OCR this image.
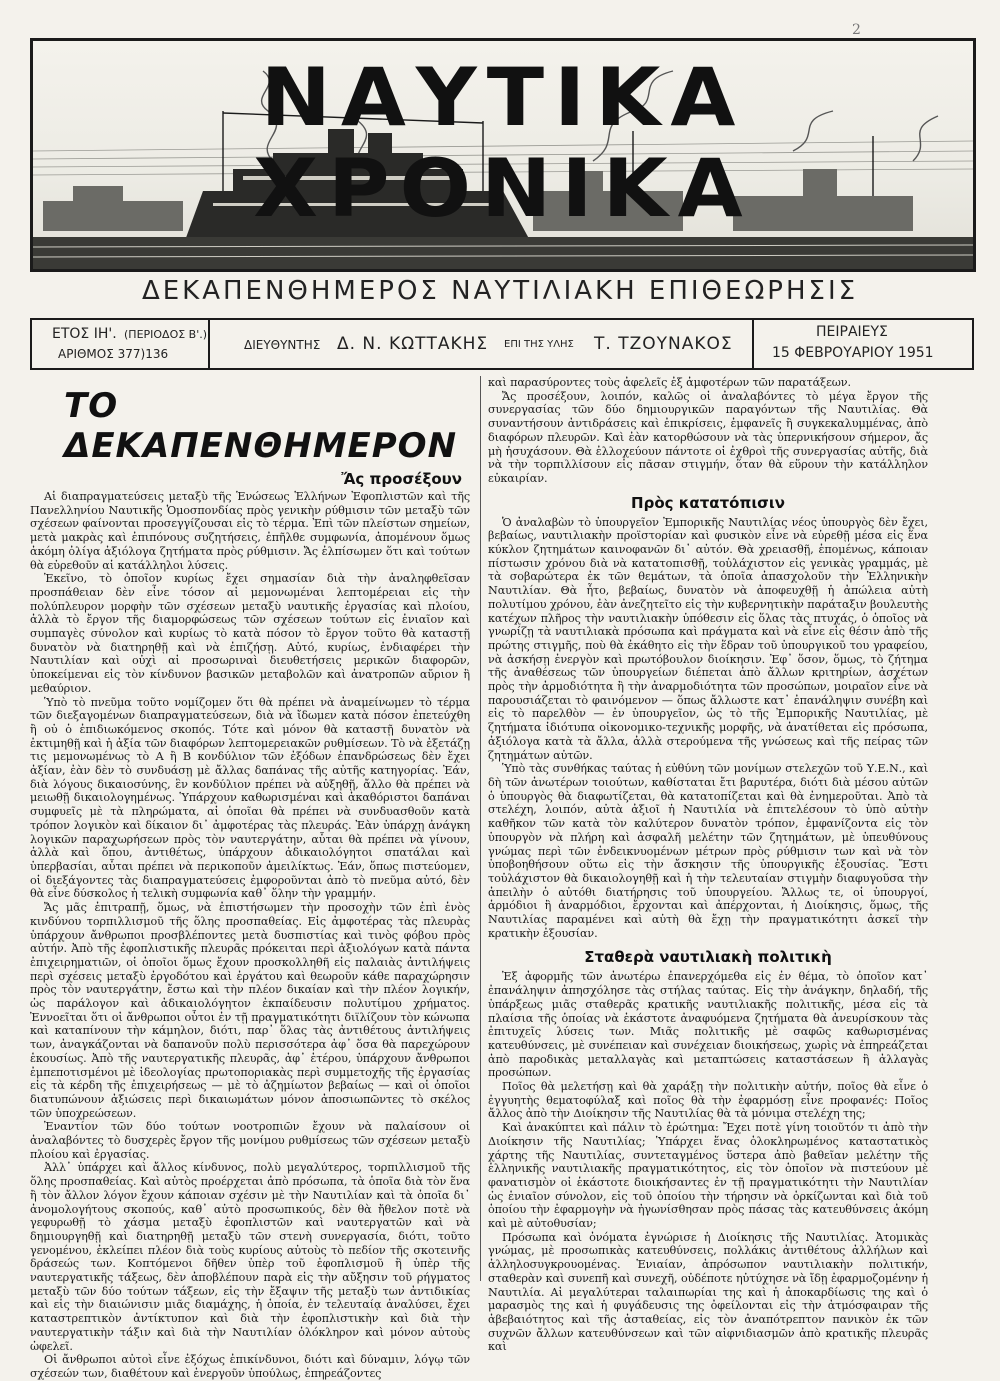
2
ΝΑΥΤΙΚΑ ΧΡΟΝΙΚΑ
ΔΕΚΑΠΕΝΘΗΜΕΡΟΣ ΝΑΥΤΙΛΙΑΚΗ ΕΠΙΘΕΩΡΗΣΙΣ
ΕΤΟΣ ΙΗ'. (ΠΕΡΙΟΔΟΣ Β'.)
ΑΡΙΘΜΟΣ 377)136
ΔΙΕΥΘΥΝΤΗΣ Δ. Ν. ΚΩΤΤΑΚΗΣ ΕΠΙ ΤΗΣ ΥΛΗΣ Τ. ΤΖΟΥΝΑΚΟΣ
ΠΕΙΡΑΙΕΥΣ
15 ΦΕΒΡΟΥΑΡΙΟΥ 1951
ΤΟ ΔΕΚΑΠΕΝΘΗΜΕΡΟΝ
Ἄς προσέξουν

Αἱ διαπραγματεύσεις μεταξὺ τῆς Ἑνώσεως Ἑλλήνων Ἐφοπλιστῶν καὶ τῆς Πανελληνίου Ναυτικῆς Ὁμοσπονδίας πρὸς γενικὴν ρύθμισιν τῶν μεταξὺ τῶν σχέσεων φαίνονται προσεγγίζουσαι εἰς τὸ τέρμα. Ἐπὶ τῶν πλείστων σημείων, μετὰ μακρὰς καὶ ἐπιπόνους συζητήσεις, ἐπῆλθε συμφωνία, ἀπομένουν ὅμως ἀκόμη ὀλίγα ἀξιόλογα ζητήματα πρὸς ρύθμισιν. Ἄς ἐλπίσωμεν ὅτι καὶ τούτων θὰ εὑρεθοῦν αἱ κατάλληλοι λύσεις.

Ἐκεῖνο, τὸ ὁποῖον κυρίως ἔχει σημασίαν διὰ τὴν ἀναληφθεῖσαν προσπάθειαν δὲν εἶνε τόσον αἱ μεμονωμέναι λεπτομέρειαι εἰς τὴν πολύπλευρον μορφὴν τῶν σχέσεων μεταξὺ ναυτικῆς ἐργασίας καὶ πλοίου, ἀλλὰ τὸ ἔργον τῆς διαμορφώσεως τῶν σχέσεων τούτων εἰς ἑνιαῖον καὶ συμπαγὲς σύνολον καὶ κυρίως τὸ κατὰ πόσον τὸ ἔργον τοῦτο θὰ καταστῇ δυνατὸν νὰ διατηρηθῇ καὶ νὰ ἐπιζήσῃ. Αὐτό, κυρίως, ἐνδιαφέρει τὴν Ναυτιλίαν καὶ οὐχὶ αἱ προσωριναὶ διευθετήσεις μερικῶν διαφορῶν, ὑποκείμεναι εἰς τὸν κίνδυνον βασικῶν μεταβολῶν καὶ ἀνατροπῶν αὔριον ἢ μεθαύριον.

Ὑπὸ τὸ πνεῦμα τοῦτο νομίζομεν ὅτι θὰ πρέπει νὰ ἀναμείνωμεν τὸ τέρμα τῶν διεξαγομένων διαπραγματεύσεων, διὰ νὰ ἴδωμεν κατὰ πόσον ἐπετεύχθη ἢ οὐ ὁ ἐπιδιωκόμενος σκοπός. Τότε καὶ μόνον θὰ καταστῇ δυνατὸν νὰ ἐκτιμηθῇ καὶ ἡ ἀξία τῶν διαφόρων λεπτομερειακῶν ρυθμίσεων. Τὸ νὰ ἐξετάζῃ τις μεμονωμένως τὸ Α ἢ Β κονδύλιον τῶν ἐξόδων ἐπανδρώσεως δὲν ἔχει ἀξίαν, ἐὰν δὲν τὸ συνδυάσῃ μὲ ἄλλας δαπάνας τῆς αὐτῆς κατηγορίας. Ἐάν, διὰ λόγους δικαιοσύνης, ἓν κονδύλιον πρέπει νὰ αὐξηθῇ, ἄλλο θὰ πρέπει νὰ μειωθῇ δικαιολογημένως. Ὑπάρχουν καθωρισμέναι καὶ ἀκαθόριστοι δαπάναι συμφυεῖς μὲ τὰ πληρώματα, αἱ ὁποῖαι θὰ πρέπει νὰ συνδυασθοῦν κατὰ τρόπον λογικὸν καὶ δίκαιον δι᾽ ἀμφοτέρας τὰς πλευράς. Ἐὰν ὑπάρχῃ ἀνάγκη λογικῶν παραχωρήσεων πρὸς τὸν ναυτεργάτην, αὗται θὰ πρέπει νὰ γίνουν, ἀλλὰ καὶ ὅπου, ἀντιθέτως, ὑπάρχουν ἀδικαιολόγητοι σπατάλαι καὶ ὑπερβασίαι, αὗται πρέπει νὰ περικοποῦν ἀμειλίκτως. Ἐάν, ὅπως πιστεύομεν, οἱ διεξάγοντες τὰς διαπραγματεύσεις ἐμφοροῦνται ἀπὸ τὸ πνεῦμα αὐτό, δὲν θὰ εἶνε δύσκολος ἡ τελικὴ συμφωνία καθ᾽ ὅλην τὴν γραμμήν.

Ἄς μᾶς ἐπιτραπῇ, ὅμως, νὰ ἐπιστήσωμεν τὴν προσοχὴν τῶν ἐπὶ ἑνὸς κινδύνου τορπιλλισμοῦ τῆς ὅλης προσπαθείας. Εἰς ἀμφοτέρας τὰς πλευρὰς ὑπάρχουν ἄνθρωποι προσβλέποντες μετὰ δυσπιστίας καὶ τινὸς φόβου πρὸς αὐτήν. Ἀπὸ τῆς ἐφοπλιστικῆς πλευρᾶς πρόκειται περὶ ἀξιολόγων κατὰ πάντα ἐπιχειρηματιῶν, οἱ ὁποῖοι ὅμως ἔχουν προσκολληθῆ εἰς παλαιὰς ἀντιλήψεις περὶ σχέσεις μεταξὺ ἐργοδότου καὶ ἐργάτου καὶ θεωροῦν κάθε παραχώρησιν πρὸς τὸν ναυτεργάτην, ἔστω καὶ τὴν πλέον δικαίαν καὶ τὴν πλέον λογικήν, ὡς παράλογον καὶ ἀδικαιολόγητον ἐκπαίδευσιν πολυτίμου χρήματος. Ἐννοεῖται ὅτι οἱ ἄνθρωποι οὗτοι ἐν τῇ πραγματικότητι διϊλίζουν τὸν κώνωπα καὶ καταπίνουν τὴν κάμηλον, διότι, παρ᾽ ὅλας τὰς ἀντιθέτους ἀντιλήψεις των, ἀναγκάζονται νὰ δαπανοῦν πολὺ περισσότερα ἀφ᾽ ὅσα θὰ παρεχώρουν ἑκουσίως. Ἀπὸ τῆς ναυτεργατικῆς πλευρᾶς, ἀφ᾽ ἑτέρου, ὑπάρχουν ἄνθρωποι ἐμπεποτισμένοι μὲ ἰδεολογίας πρωτοποριακὰς περὶ συμμετοχῆς τῆς ἐργασίας εἰς τὰ κέρδη τῆς ἐπιχειρήσεως — μὲ τὸ ἀζημίωτον βεβαίως — καὶ οἱ ὁποῖοι διατυπώνουν ἀξιώσεις περὶ δικαιωμάτων μόνον ἀποσιωπῶντες τὸ σκέλος τῶν ὑποχρεώσεων.

Ἐναντίον τῶν δύο τούτων νοοτροπιῶν ἔχουν νὰ παλαίσουν οἱ ἀναλαβόντες τὸ δυσχερὲς ἔργον τῆς μονίμου ρυθμίσεως τῶν σχέσεων μεταξὺ πλοίου καὶ ἐργασίας.

Ἀλλ᾽ ὑπάρχει καὶ ἄλλος κίνδυνος, πολὺ μεγαλύτερος, τορπιλλισμοῦ τῆς ὅλης προσπαθείας. Καὶ αὐτὸς προέρχεται ἀπὸ πρόσωπα, τὰ ὁποῖα διὰ τὸν ἕνα ἢ τὸν ἄλλον λόγον ἔχουν κάποιαν σχέσιν μὲ τὴν Ναυτιλίαν καὶ τὰ ὁποῖα δι᾽ ἀνομολογήτους σκοπούς, καθ᾽ αὐτὸ προσωπικούς, δὲν θὰ ἤθελον ποτὲ νὰ γεφυρωθῇ τὸ χάσμα μεταξὺ ἐφοπλιστῶν καὶ ναυτεργατῶν καὶ νὰ δημιουργηθῇ καὶ διατηρηθῇ μεταξὺ τῶν στενὴ συνεργασία, διότι, τοῦτο γενομένου, ἐκλείπει πλέον διὰ τοὺς κυρίους αὐτοὺς τὸ πεδίον τῆς σκοτεινῆς δράσεώς των. Κοπτόμενοι δῆθεν ὑπὲρ τοῦ ἐφοπλισμοῦ ἢ ὑπὲρ τῆς ναυτεργατικῆς τάξεως, δὲν ἀποβλέπουν παρὰ εἰς τὴν αὔξησιν τοῦ ρήγματος μεταξὺ τῶν δύο τούτων τάξεων, εἰς τὴν ἔξαψιν τῆς μεταξὺ των ἀντιδικίας καὶ εἰς τὴν διαιώνισιν μιᾶς διαμάχης, ἡ ὁποία, ἐν τελευταίᾳ ἀναλύσει, ἔχει καταστρεπτικὸν ἀντίκτυπον καὶ διὰ τὴν ἐφοπλιστικὴν καὶ διὰ τὴν ναυτεργατικὴν τάξιν καὶ διὰ τὴν Ναυτιλίαν ὁλόκληρον καὶ μόνον αὐτοὺς ὠφελεῖ.

Οἱ ἄνθρωποι αὐτοὶ εἶνε ἐξόχως ἐπικίνδυνοι, διότι καὶ δύναμιν, λόγῳ τῶν σχέσεών των, διαθέτουν καὶ ἐνεργοῦν ὑπούλως, ἐπηρεάζοντες

καὶ παρασύροντες τοὺς ἀφελεῖς ἐξ ἀμφοτέρων τῶν παρατάξεων.

Ἄς προσέξουν, λοιπόν, καλῶς οἱ ἀναλαβόντες τὸ μέγα ἔργον τῆς συνεργασίας τῶν δύο δημιουργικῶν παραγόντων τῆς Ναυτιλίας. Θὰ συναντήσουν ἀντιδράσεις καὶ ἐπικρίσεις, ἐμφανεῖς ἢ συγκεκαλυμμένας, ἀπὸ διαφόρων πλευρῶν. Καὶ ἐὰν κατορθώσουν νὰ τὰς ὑπερνικήσουν σήμερον, ἄς μὴ ἡσυχάσουν. Θὰ ἐλλοχεύουν πάντοτε οἱ ἐχθροὶ τῆς συνεργασίας αὐτῆς, διὰ νὰ τὴν τορπιλλίσουν εἰς πᾶσαν στιγμήν, ὅταν θὰ εὕρουν τὴν κατάλληλον εὐκαιρίαν.

Πρὸς κατατόπισιν

Ὁ ἀναλαβὼν τὸ ὑπουργεῖον Ἐμπορικῆς Ναυτιλίας νέος ὑπουργὸς δὲν ἔχει, βεβαίως, ναυτιλιακὴν προϊστορίαν καὶ φυσικὸν εἶνε νὰ εὑρεθῇ μέσα εἰς ἕνα κύκλον ζητημάτων καινοφανῶν δι᾽ αὐτόν. Θὰ χρειασθῇ, ἑπομένως, κάποιαν πίστωσιν χρόνου διὰ νὰ κατατοπισθῇ, τοὐλάχιστον εἰς γενικὰς γραμμάς, μὲ τὰ σοβαρώτερα ἐκ τῶν θεμάτων, τὰ ὁποῖα ἀπασχολοῦν τὴν Ἑλληνικὴν Ναυτιλίαν. Θὰ ἦτο, βεβαίως, δυνατὸν νὰ ἀποφευχθῇ ἡ ἀπώλεια αὐτὴ πολυτίμου χρόνου, ἐὰν ἀνεζητεῖτο εἰς τὴν κυβερνητικὴν παράταξιν βουλευτὴς κατέχων πλῆρος τὴν ναυτιλιακὴν ὑπόθεσιν εἰς ὅλας τὰς πτυχάς, ὁ ὁποῖος νὰ γνωρίζῃ τὰ ναυτιλιακὰ πρόσωπα καὶ πράγματα καὶ νὰ εἶνε εἰς θέσιν ἀπὸ τῆς πρώτης στιγμῆς, ποὺ θὰ ἐκάθητο εἰς τὴν ἕδραν τοῦ ὑπουργικοῦ του γραφείου, νὰ ἀσκήσῃ ἐνεργὸν καὶ πρωτόβουλον διοίκησιν. Ἐφ᾽ ὅσον, ὅμως, τὸ ζήτημα τῆς ἀναθέσεως τῶν ὑπουργείων διέπεται ἀπὸ ἄλλων κριτηρίων, ἀσχέτων πρὸς τὴν ἁρμοδιότητα ἢ τὴν ἀναρμοδιότητα τῶν προσώπων, μοιραῖον εἶνε νὰ παρουσιάζεται τὸ φαινόμενον — ὅπως ἄλλωστε κατ᾽ ἐπανάληψιν συνέβη καὶ εἰς τὸ παρελθὸν — ἐν ὑπουργεῖον, ὡς τὸ τῆς Ἐμπορικῆς Ναυτιλίας, μὲ ζητήματα ἰδιότυπα οἰκονομικο-τεχνικῆς μορφῆς, νὰ ἀνατίθεται εἰς πρόσωπα, ἀξιόλογα κατὰ τὰ ἄλλα, ἀλλὰ στερούμενα τῆς γνώσεως καὶ τῆς πείρας τῶν ζητημάτων αὐτῶν.

Ὑπὸ τὰς συνθήκας ταύτας ἡ εὐθύνη τῶν μονίμων στελεχῶν τοῦ Υ.Ε.Ν., καὶ δὴ τῶν ἀνωτέρων τοιούτων, καθίσταται ἔτι βαρυτέρα, διότι διὰ μέσου αὐτῶν ὁ ὑπουργὸς θὰ διαφωτίζεται, θὰ κατατοπίζεται καὶ θὰ ἐνημεροῦται. Ἀπὸ τὰ στελέχη, λοιπόν, αὐτὰ ἀξιοῖ ἡ Ναυτιλία νὰ ἐπιτελέσουν τὸ ὑπὸ αὐτὴν καθῆκον τῶν κατὰ τὸν καλύτερον δυνατὸν τρόπον, ἐμφανίζοντα εἰς τὸν ὑπουργὸν νὰ πλήρη καὶ ἀσφαλῆ μελέτην τῶν ζητημάτων, μὲ ὑπευθύνους γνώμας περὶ τῶν ἐνδεικνυομένων μέτρων πρὸς ρύθμισιν των καὶ νὰ τὸν ὑποβοηθήσουν οὕτω εἰς τὴν ἄσκησιν τῆς ὑπουργικῆς ἐξουσίας. Ἔστι τοὐλάχιστον θὰ δικαιολογηθῇ καὶ ἡ τὴν τελευταίαν στιγμὴν διαφυγοῦσα τὴν ἀπειλὴν ὁ αὐτόθι διατήρησις τοῦ ὑπουργείου. Ἄλλως τε, οἱ ὑπουργοί, ἁρμόδιοι ἢ ἀναρμόδιοι, ἔρχονται καὶ ἀπέρχονται, ἡ Διοίκησις, ὅμως, τῆς Ναυτιλίας παραμένει καὶ αὐτὴ θὰ ἔχῃ τὴν πραγματικότητι ἀσκεῖ τὴν κρατικὴν ἐξουσίαν.

Σταθερὰ ναυτιλιακὴ πολιτικὴ

Ἐξ ἀφορμῆς τῶν ἀνωτέρω ἐπανερχόμεθα εἰς ἐν θέμα, τὸ ὁποῖον κατ᾽ ἐπανάληψιν ἀπησχόλησε τὰς στήλας ταύτας. Εἰς τὴν ἀνάγκην, δηλαδή, τῆς ὑπάρξεως μιᾶς σταθερᾶς κρατικῆς ναυτιλιακῆς πολιτικῆς, μέσα εἰς τὰ πλαίσια τῆς ὁποίας νὰ ἑκάστοτε ἀναφυόμενα ζητήματα θὰ ἀνευρίσκουν τὰς ἐπιτυχεῖς λύσεις των. Μιᾶς πολιτικῆς μὲ σαφῶς καθωρισμένας κατευθύνσεις, μὲ συνέπειαν καὶ συνέχειαν διοικήσεως, χωρὶς νὰ ἐπηρεάζεται ἀπὸ παροδικὰς μεταλλαγὰς καὶ μεταπτώσεις καταστάσεων ἢ ἀλλαγὰς προσώπων.

Ποῖος θὰ μελετήσῃ καὶ θὰ χαράξῃ τὴν πολιτικὴν αὐτήν, ποῖος θὰ εἶνε ὁ ἐγγυητὴς θεματοφύλαξ καὶ ποῖος θὰ τὴν ἐφαρμόσῃ εἶνε προφανές: Ποῖος ἄλλος ἀπὸ τὴν Διοίκησιν τῆς Ναυτιλίας θὰ τὰ μόνιμα στελέχη της;

Καὶ ἀνακύπτει καὶ πάλιν τὸ ἐρώτημα: Ἔχει ποτὲ γίνη τοιοῦτόν τι ἀπὸ τὴν Διοίκησιν τῆς Ναυτιλίας; Ὑπάρχει ἕνας ὁλοκληρωμένος καταστατικὸς χάρτης τῆς Ναυτιλίας, συντεταγμένος ὕστερα ἀπὸ βαθεῖαν μελέτην τῆς ἑλληνικῆς ναυτιλιακῆς πραγματικότητος, εἰς τὸν ὁποῖον νὰ πιστεύουν μὲ φανατισμὸν οἱ ἑκάστοτε διοικήσαντες ἐν τῇ πραγματικότητι τὴν Ναυτιλίαν ὡς ἑνιαῖον σύνολον, εἰς τοῦ ὁποίου τὴν τήρησιν νὰ ὁρκίζωνται καὶ διὰ τοῦ ὁποίου τὴν ἐφαρμογὴν νὰ ἠγωνίσθησαν πρὸς πάσας τὰς κατευθύνσεις ἀκόμη καὶ μὲ αὐτοθυσίαν;

Πρόσωπα καὶ ὀνόματα ἐγνώρισε ἡ Διοίκησις τῆς Ναυτιλίας. Ἀτομικὰς γνώμας, μὲ προσωπικὰς κατευθύνσεις, πολλάκις ἀντιθέτους ἀλλήλων καὶ ἀλληλοσυγκρουομένας. Ἑνιαίαν, ἀπρόσωπον ναυτιλιακὴν πολιτικήν, σταθερὰν καὶ συνεπῆ καὶ συνεχῆ, οὐδέποτε ηὐτύχησε νὰ ἴδῃ ἐφαρμοζομένην ἡ Ναυτιλία. Αἱ μεγαλύτεραι ταλαιπωρίαι της καὶ ἡ ἀποκαρδίωσις της καὶ ὁ μαρασμὸς της καὶ ἡ φυγάδευσις της ὀφείλονται εἰς τὴν ἀτμόσφαιραν τῆς ἀβεβαιότητος καὶ τῆς ἀσταθείας, εἰς τὸν ἀναπότρεπτον πανικὸν ἐκ τῶν συχνῶν ἄλλων κατευθύνσεων καὶ τῶν αἰφνιδιασμῶν ἀπὸ κρατικῆς πλευρᾶς καὶ
